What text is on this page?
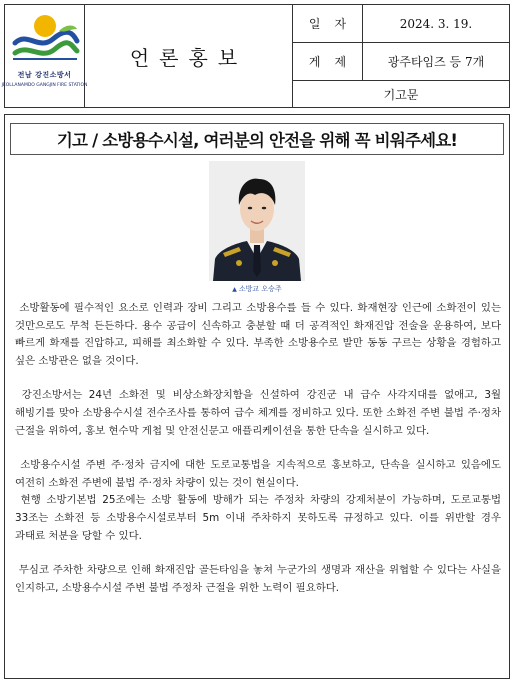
전남 강진소방서
JEOLLANAMDO GANGJIN FIRE STATION
언론홍보
일자	2024. 3. 19.
게제	광주타임즈 등 7개
기고문
기고 / 소방용수시설, 여러분의 안전을 위해 꼭 비워주세요!
▲ 소방교 오승주

소방활동에 필수적인 요소로 인력과 장비 그리고 소방용수를 들 수 있다. 화재현장 인근에 소화전이 있는 것만으로도 무척 든든하다. 용수 공급이 신속하고 충분할 때 더 공격적인 화재진압 전술을 운용하여, 보다 빠르게 화재를 진압하고, 피해를 최소화할 수 있다. 부족한 소방용수로 발만 동동 구르는 상황을 경험하고 싶은 소방관은 없을 것이다.

강진소방서는 24년 소화전 및 비상소화장치함을 신설하여 강진군 내 급수 사각지대를 없애고, 3월 해빙기를 맞아 소방용수시설 전수조사를 통하여 급수 체계를 정비하고 있다. 또한 소화전 주변 불법 주·정차 근절을 위하여, 홍보 현수막 게첩 및 안전신문고 애플리케이션을 통한 단속을 실시하고 있다.

소방용수시설 주변 주·정차 금지에 대한 도로교통법을 지속적으로 홍보하고, 단속을 실시하고 있음에도 여전히 소화전 주변에 불법 주·정차 차량이 있는 것이 현실이다.

현행 소방기본법 25조에는 소방 활동에 방해가 되는 주정차 차량의 강제처분이 가능하며, 도로교통법 33조는 소화전 등 소방용수시설로부터 5m 이내 주차하지 못하도록 규정하고 있다. 이를 위반할 경우 과태료 처분을 당할 수 있다.

무심코 주차한 차량으로 인해 화재진압 골든타임을 놓쳐 누군가의 생명과 재산을 위협할 수 있다는 사실을 인지하고, 소방용수시설 주변 불법 주정차 근절을 위한 노력이 필요하다.
